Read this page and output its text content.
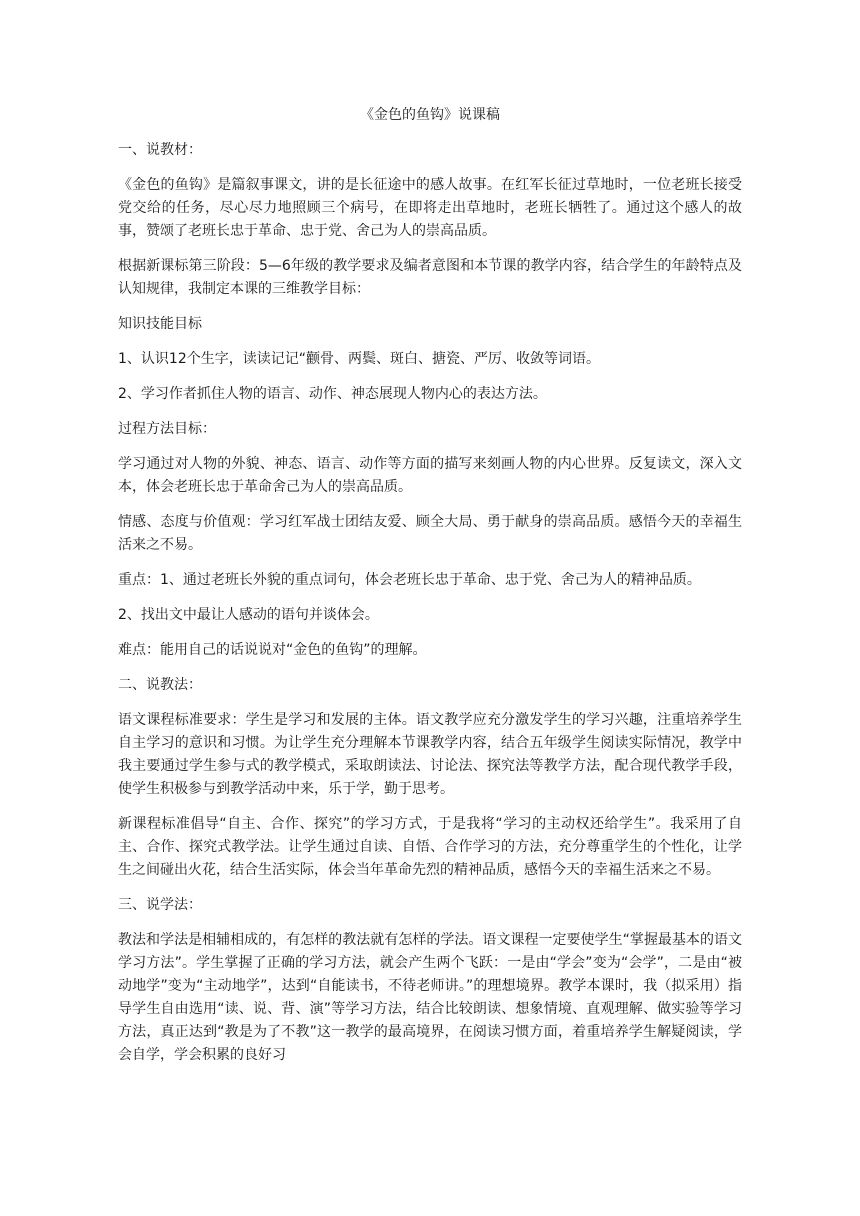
《金色的鱼钩》说课稿

一、说教材：

《金色的鱼钩》是篇叙事课文，讲的是长征途中的感人故事。在红军长征过草地时，一位老班长接受党交给的任务，尽心尽力地照顾三个病号，在即将走出草地时，老班长牺牲了。通过这个感人的故事，赞颂了老班长忠于革命、忠于党、舍己为人的崇高品质。

根据新课标第三阶段：5—6年级的教学要求及编者意图和本节课的教学内容，结合学生的年龄特点及认知规律，我制定本课的三维教学目标：

知识技能目标

1、认识12个生字，读读记记“颧骨、两鬓、斑白、搪瓷、严厉、收敛等词语。

2、学习作者抓住人物的语言、动作、神态展现人物内心的表达方法。

过程方法目标：

学习通过对人物的外貌、神态、语言、动作等方面的描写来刻画人物的内心世界。反复读文，深入文本，体会老班长忠于革命舍己为人的崇高品质。

情感、态度与价值观：学习红军战士团结友爱、顾全大局、勇于献身的崇高品质。感悟今天的幸福生活来之不易。

重点：1、通过老班长外貌的重点词句，体会老班长忠于革命、忠于党、舍己为人的精神品质。

2、找出文中最让人感动的语句并谈体会。

难点：能用自己的话说说对“金色的鱼钩”的理解。

二、说教法：

语文课程标准要求：学生是学习和发展的主体。语文教学应充分激发学生的学习兴趣，注重培养学生自主学习的意识和习惯。为让学生充分理解本节课教学内容，结合五年级学生阅读实际情况，教学中我主要通过学生参与式的教学模式，采取朗读法、讨论法、探究法等教学方法，配合现代教学手段，使学生积极参与到教学活动中来，乐于学，勤于思考。

新课程标准倡导“自主、合作、探究”的学习方式，于是我将“学习的主动权还给学生”。我采用了自主、合作、探究式教学法。让学生通过自读、自悟、合作学习的方法，充分尊重学生的个性化，让学生之间碰出火花，结合生活实际，体会当年革命先烈的精神品质，感悟今天的幸福生活来之不易。

三、说学法：

教法和学法是相辅相成的，有怎样的教法就有怎样的学法。语文课程一定要使学生“掌握最基本的语文学习方法”。学生掌握了正确的学习方法，就会产生两个飞跃：一是由“学会”变为“会学”，二是由“被动地学”变为“主动地学”，达到“自能读书，不待老师讲。”的理想境界。教学本课时，我（拟采用）指导学生自由选用“读、说、背、演”等学习方法，结合比较朗读、想象情境、直观理解、做实验等学习方法，真正达到“教是为了不教”这一教学的最高境界，在阅读习惯方面，着重培养学生解疑阅读，学会自学，学会积累的良好习
